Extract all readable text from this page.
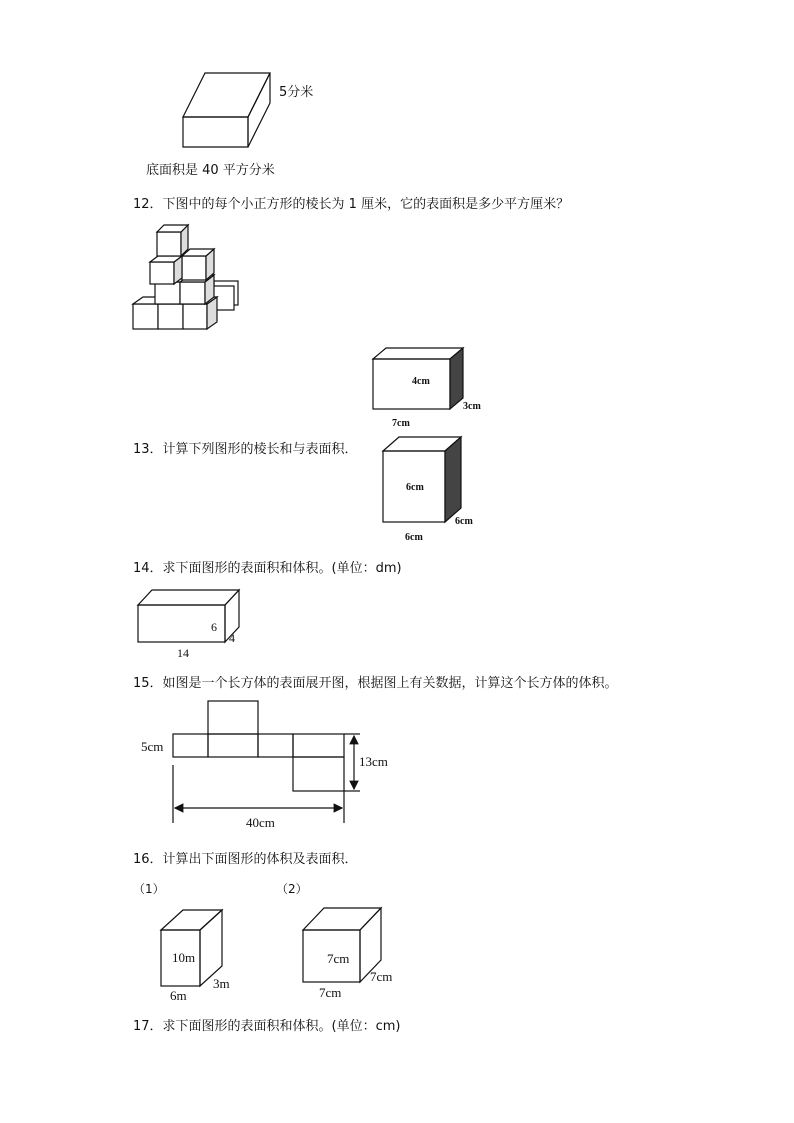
5分米
底面积是 40 平方分米
12．下图中的每个小正方形的棱长为 1 厘米，它的表面积是多少平方厘米？
4cm
3cm
7cm
13．计算下列图形的棱长和与表面积．
6cm
6cm
6cm
14．求下面图形的表面积和体积。(单位：dm)
6
4
14
15．如图是一个长方体的表面展开图，根据图上有关数据，计算这个长方体的体积。
5cm
13cm
40cm
16．计算出下面图形的体积及表面积．
（1）	（2）
10m
3m
6m
7cm
7cm
7cm
17．求下面图形的表面积和体积。(单位：cm)
